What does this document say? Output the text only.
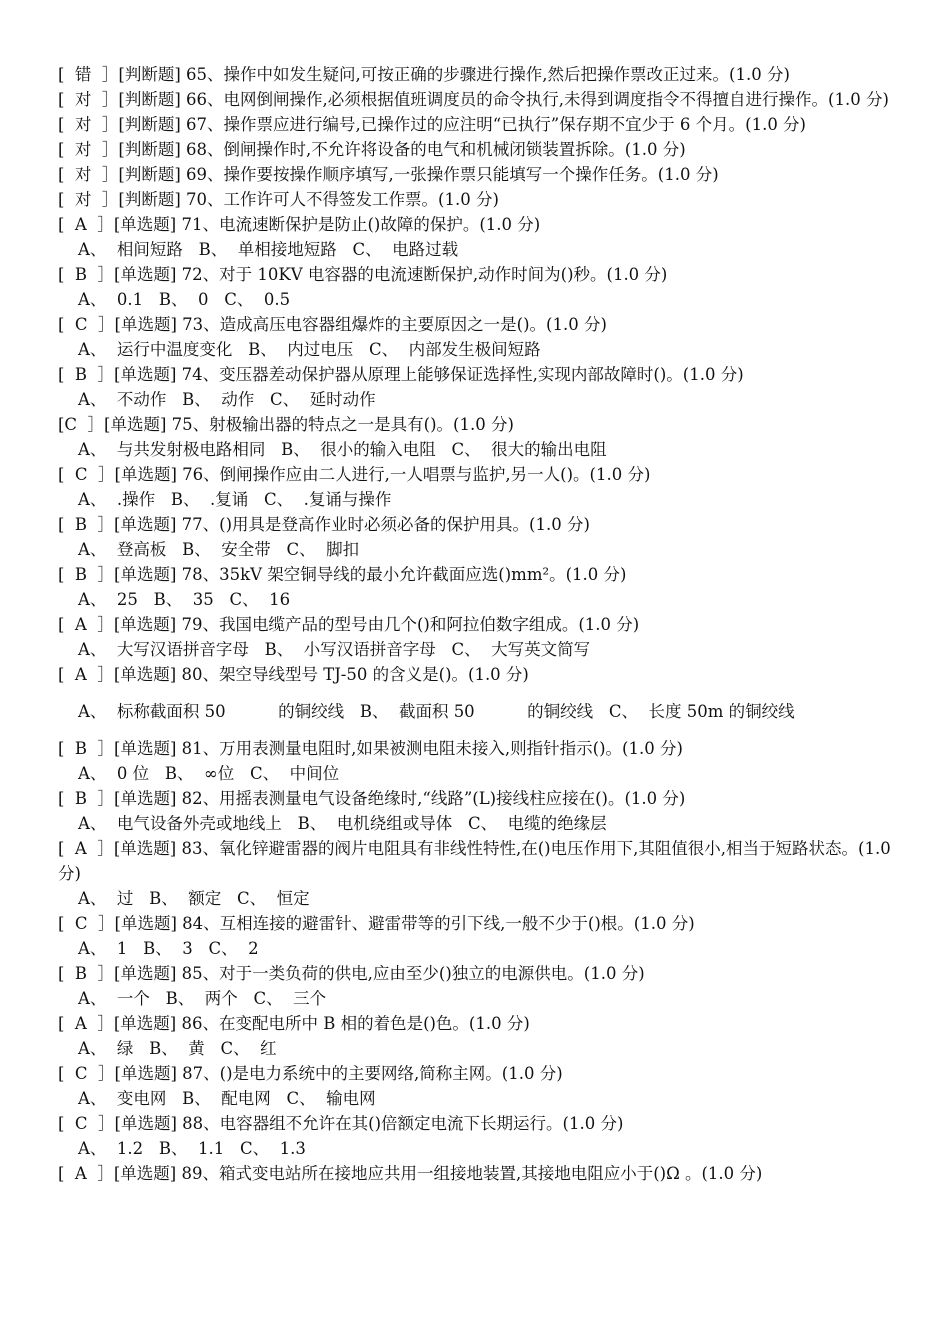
[  错  ］[判断题] 65、操作中如发生疑问,可按正确的步骤进行操作,然后把操作票改正过来。(1.0 分)
[  对  ］[判断题] 66、电网倒闸操作,必须根据值班调度员的命令执行,未得到调度指令不得擅自进行操作。(1.0 分)
[  对  ］[判断题] 67、操作票应进行编号,已操作过的应注明“已执行”保存期不宜少于 6 个月。(1.0 分)
[  对  ］[判断题] 68、倒闸操作时,不允许将设备的电气和机械闭锁装置拆除。(1.0 分)
[  对  ］[判断题] 69、操作要按操作顺序填写,一张操作票只能填写一个操作任务。(1.0 分)
[  对  ］[判断题] 70、工作许可人不得签发工作票。(1.0 分)
[  A  ］[单选题] 71、电流速断保护是防止()故障的保护。(1.0 分)
A、  相间短路   B、  单相接地短路   C、  电路过载
[  B  ］[单选题] 72、对于 10KV 电容器的电流速断保护,动作时间为()秒。(1.0 分)
A、  0.1   B、  0   C、  0.5
[  C  ］[单选题] 73、造成高压电容器组爆炸的主要原因之一是()。(1.0 分)
A、  运行中温度变化   B、  内过电压   C、  内部发生极间短路
[  B  ］[单选题] 74、变压器差动保护器从原理上能够保证选择性,实现内部故障时()。(1.0 分)
A、  不动作   B、  动作   C、  延时动作
[C  ］[单选题] 75、射极输出器的特点之一是具有()。(1.0 分)
A、  与共发射极电路相同   B、  很小的输入电阻   C、  很大的输出电阻
[  C  ］[单选题] 76、倒闸操作应由二人进行,一人唱票与监护,另一人()。(1.0 分)
A、  .操作   B、  .复诵   C、  .复诵与操作
[  B  ］[单选题] 77、()用具是登高作业时必须必备的保护用具。(1.0 分)
A、  登高板   B、  安全带   C、  脚扣
[  B  ］[单选题] 78、35kV 架空铜导线的最小允许截面应选()mm²。(1.0 分)
A、  25   B、  35   C、  16
[  A  ］[单选题] 79、我国电缆产品的型号由几个()和阿拉伯数字组成。(1.0 分)
A、  大写汉语拼音字母   B、  小写汉语拼音字母   C、  大写英文简写
[  A  ］[单选题] 80、架空导线型号 TJ-50 的含义是()。(1.0 分)
A、  标称截面积 50          的铜绞线   B、  截面积 50          的铜绞线   C、  长度 50m 的铜绞线
[  B  ］[单选题] 81、万用表测量电阻时,如果被测电阻未接入,则指针指示()。(1.0 分)
A、  0 位   B、  ∞位   C、  中间位
[  B  ］[单选题] 82、用摇表测量电气设备绝缘时,“线路”(L)接线柱应接在()。(1.0 分)
A、  电气设备外壳或地线上   B、  电机绕组或导体   C、  电缆的绝缘层
[  A  ］[单选题] 83、氧化锌避雷器的阀片电阻具有非线性特性,在()电压作用下,其阻值很小,相当于短路状态。(1.0 分)
A、  过   B、  额定   C、  恒定
[  C  ］[单选题] 84、互相连接的避雷针、避雷带等的引下线,一般不少于()根。(1.0 分)
A、  1   B、  3   C、  2
[  B  ］[单选题] 85、对于一类负荷的供电,应由至少()独立的电源供电。(1.0 分)
A、  一个   B、  两个   C、  三个
[  A  ］[单选题] 86、在变配电所中 B 相的着色是()色。(1.0 分)
A、  绿   B、  黄   C、  红
[  C  ］[单选题] 87、()是电力系统中的主要网络,简称主网。(1.0 分)
A、  变电网   B、  配电网   C、  输电网
[  C  ］[单选题] 88、电容器组不允许在其()倍额定电流下长期运行。(1.0 分)
A、  1.2   B、  1.1   C、  1.3
[  A  ］[单选题] 89、箱式变电站所在接地应共用一组接地装置,其接地电阻应小于()Ω 。(1.0 分)
